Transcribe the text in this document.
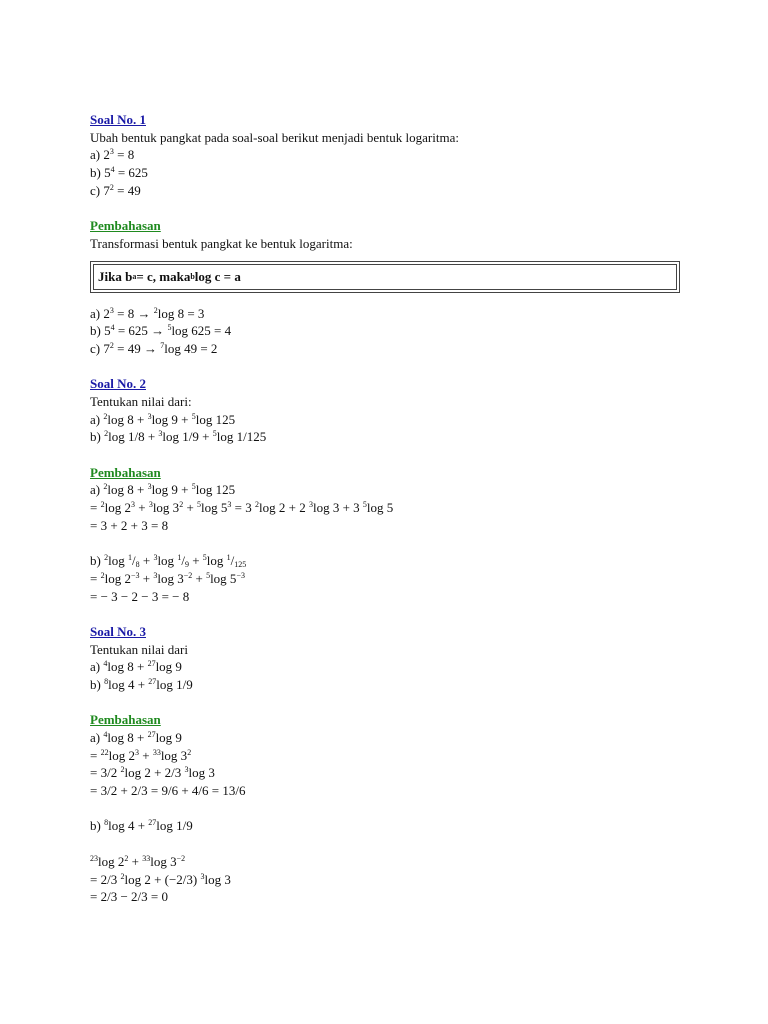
Soal No. 1
Ubah bentuk pangkat pada soal-soal berikut menjadi bentuk logaritma:
a) $2^3 = 8$
b) $5^4 = 625$
c) $7^2 = 49$
Pembahasan
Transformasi bentuk pangkat ke bentuk logaritma:
Jika b a = c, maka b log c = a
a) $2^3 = 8 \to ^2\log$ 8 = 3
b) $5^4 = 625 \to ^5\log$ 625 = 4
c) $7^2 = 49 \to ^7\log$ 49 = 2
Soal No. 2
Tentukan nilai dari:
a) $^2$log 8 + $^3$log 9 + $^5$log 125
b) $^2$log 1/8 + $^3$log 1/9 + $^5$log 1/125
Pembahasan
a) $^2$log 8 + $^3$log 9 + $^5$log 125
= $^2$log $2^3 + ^3\log$ $3^2 + ^5\log$ $5^3 = 3$ $^2$log 2 + 2 $^3$log 3 + 3 $^5$log 5
= 3 + 2 + 3 = 8
b) $^2$log $^1/_8 + ^3\log$ $^1/_9 + ^5\log$ $^1/_{125}$
= $^2$log $2^{-3} + ^3\log$ $3^{-2} + ^5\log$ $5^{-3}$
= − 3 − 2 − 3 = − 8
Soal No. 3
Tentukan nilai dari
a) $^4$log 8 + $^{27}$log 9
b) $^8$log 4 + $^{27}$log 1/9
Pembahasan
a) $^4$log 8 + $^{27}$log 9
= $^{22}$log $2^3 + ^{33}\log$ $3^2$
= 3/2 $^2$log 2 + 2/3 $^3$log 3
= 3/2 + 2/3 = 9/6 + 4/6 = 13/6
b) $^8$log 4 + $^{27}$log 1/9
$^{23}$log $2^2 + ^{33}\log$ $3^{-2}$
= 2/3 $^2$log 2 + (−2/3) $^3$log 3
= 2/3 − 2/3 = 0
